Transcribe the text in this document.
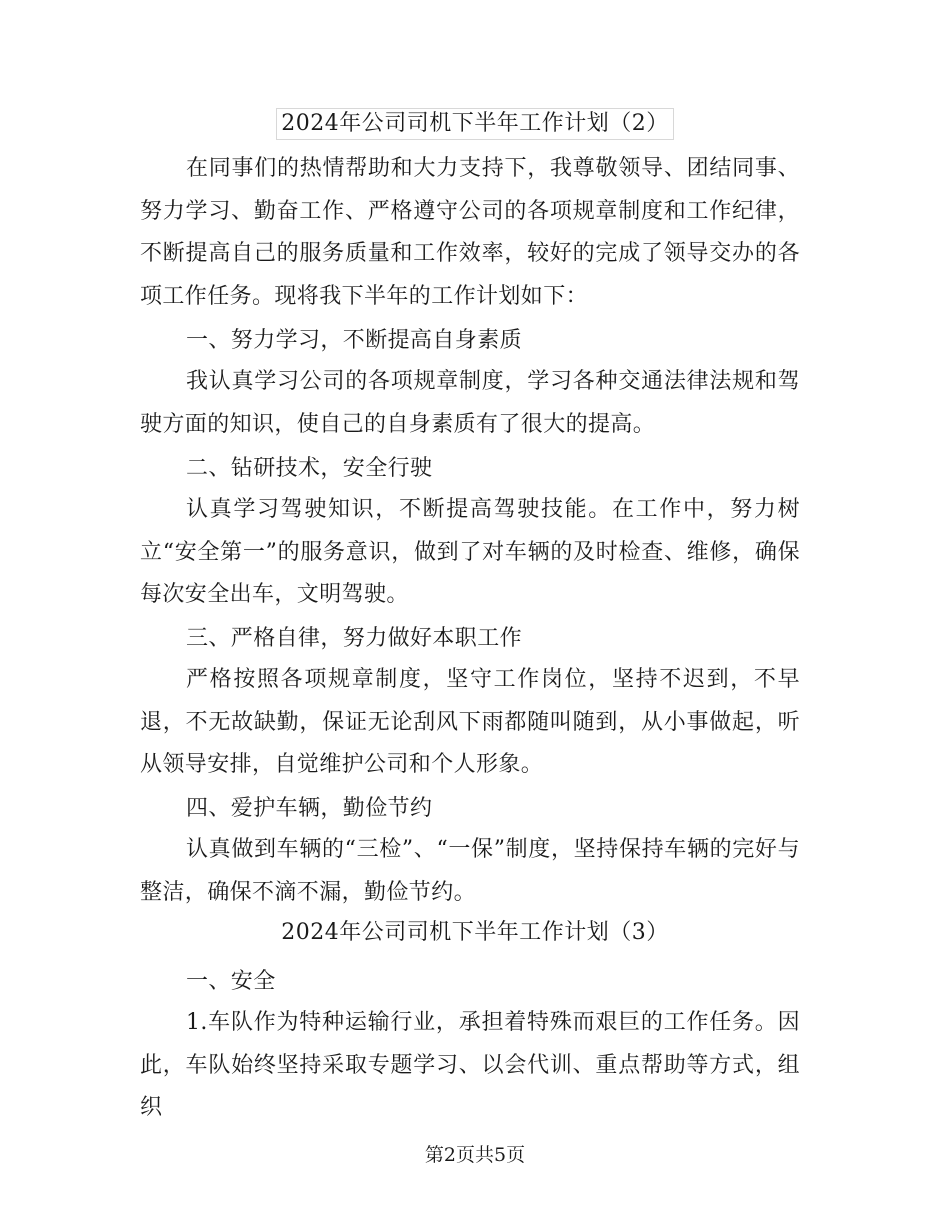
2024年公司司机下半年工作计划（2）
在同事们的热情帮助和大力支持下，我尊敬领导、团结同事、努力学习、勤奋工作、严格遵守公司的各项规章制度和工作纪律，不断提高自己的服务质量和工作效率，较好的完成了领导交办的各项工作任务。现将我下半年的工作计划如下：
一、努力学习，不断提高自身素质
我认真学习公司的各项规章制度，学习各种交通法律法规和驾驶方面的知识，使自己的自身素质有了很大的提高。
二、钻研技术，安全行驶
认真学习驾驶知识，不断提高驾驶技能。在工作中，努力树立“安全第一”的服务意识，做到了对车辆的及时检查、维修，确保每次安全出车，文明驾驶。
三、严格自律，努力做好本职工作
严格按照各项规章制度，坚守工作岗位，坚持不迟到，不早退，不无故缺勤，保证无论刮风下雨都随叫随到，从小事做起，听从领导安排，自觉维护公司和个人形象。
四、爱护车辆，勤俭节约
认真做到车辆的“三检”、“一保”制度，坚持保持车辆的完好与整洁，确保不滴不漏，勤俭节约。
2024年公司司机下半年工作计划（3）
一、安全
1.车队作为特种运输行业，承担着特殊而艰巨的工作任务。因此，车队始终坚持采取专题学习、以会代训、重点帮助等方式，组织
第2页共5页
